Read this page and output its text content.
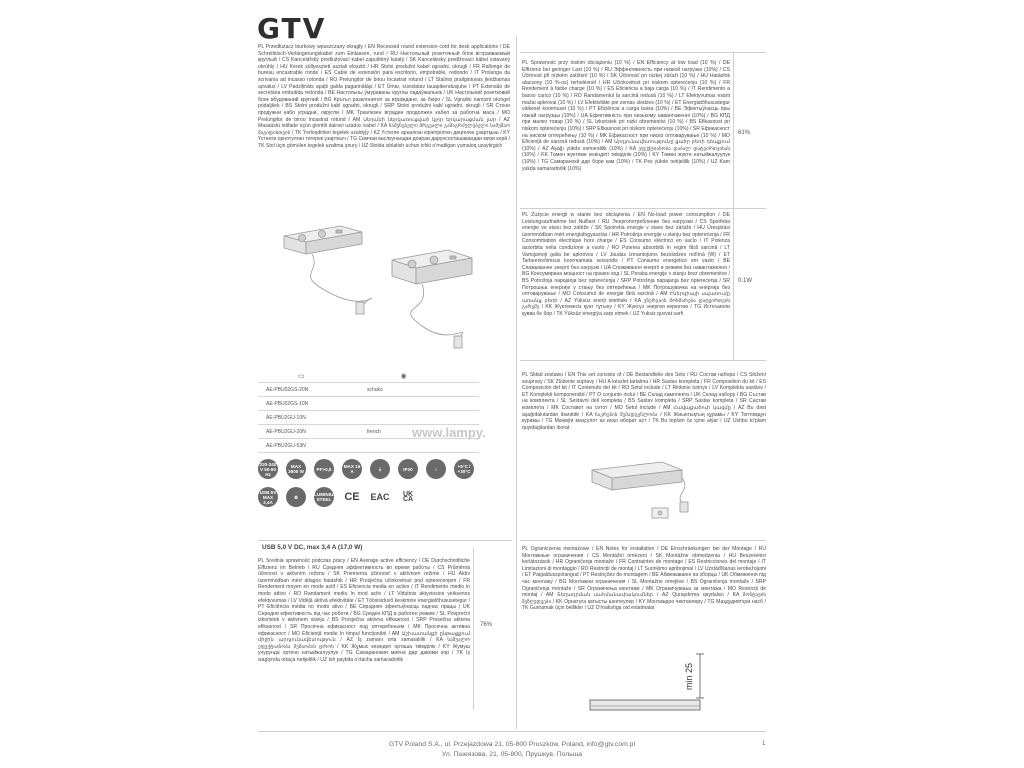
GTV
PL Przedłużacz biurkowy wpuszczany okrągły / EN Recessed round extension cord for desk applications / DE Schreibtisch-Verlängerungskabel zum Einlassen, rund / RU Настольный розеточный блок встраиваемый круглый / CS Kancelářský prodlužovací kabel zapuštěný kulatý / SK Kancelársky predlžovací kábel vstavaný okrúhly / HU Kerek süllyesztett asztali elosztó / HR Stolni produžni kabel ugradni, okrugli / FR Rallonge de bureau encastrable ronde / ES Cable de extensión para escritorio, empotrable, redondo / IT Prolunga da scrivania ad incasso rotonda / RO Prelungitor de birou încastrat rotund / LT Stalinis prailgintuvas įleidžiamas apvalus / LV Padziļināts apaļš galda pagarinātājs / ET Ümar, süvistatav lauapikendusjuhe / PT Extensão de secretária embutida redonda / BE Настольны ўмураваны круглы падаўжальнік / UK Настільний розетковий блок вбудований круглий / BG Кръгъл разклонител за вграждане, за бюро / SL Vgradni namizni okrogel podaljšek / BS Stolni produžni kabl ugradni, okrugli / SRP Stolni produžni kabl ugradni, okrugli / SR Стони продужни кабл уградни, округли / MK Тркалезен вграден продолжен кабел за работна маса / MO Prelungitor de birou încastrat rotund / AM Սեղանի ներկառուցված կլոր երկարացման լար / AZ Masaüstü istifade üçün girintili dairəvi uzadıcı kabel / KA ჩაშენებული მრგვალი გამაგრძელებელი სამუშაო მაგიდისთვის / TK Ýerleşdirilen tegelek uzaldyjy / KZ Үстелге арналған кіріктірілген дөңгелек ұзартқыш / KY Үстөлгө орнотулган тегерек узарткыч / TG Симчаи васлкунандаи доираи дарунсохташавандаи мизи корӣ / TK Stol üçin gömülen tegelek uzaltma şnury / UZ Stolda ishlatish uchun ichki o'rnatilgan yumaloq uzaytirgich
▭	◉
AE-PBU02GS-20N	schuko
AE-PBU02GS-10N
AE-PBU2GU-10N
AE-PBU2GU-20N	french
AE-PBU2GU-53N
220-240 V 50-60 Hz
MAX 3600 W	PF>0,5	MAX 16 A	⏚	IP20	⌂	+5°C / +30°C
USB 5V MAX 3,4A
♻	ALUMINIUM STEEL	CE EAC	UK CA
USB 5,0 V DC, max 3,4 A (17,0 W)
PL Średnia sprawność podczas pracy / EN Average active efficiency / DE Durchschnittliche Effizienz im Betrieb / RU Средняя эффективность во время работы / CS Průměrná účinnost v aktivním režimu / SK Priemerná účinnosť v aktívnom režime / HU Aktív üzemmódban mért átlagos hatásfok / HR Prosječna učinkovitost pod opterećenjem / FR Rendement moyen en mode actif / ES Eficiencia media en activo / IT Rendimento medio in modo attivo / RO Randament mediu în mod activ / LT Vidutinis aktyviosios veiksenos efektyvumas / LV Vidējā aktīvā efektivitāte / ET Töösisiduvõ keskmine energiatõhususetegur / PT Eficiência média no modo ativo / BE Сярэдняя эфектыўнасць падчас працы / UK Середня ефективність під час роботи / BG Среден КПД в работен режим / SL Povprečni izkoristek v aktivnem stanju / BS Prosječna aktivna efikasnost / SRP Prosečna aktivna efikasnost / SR Просечна ефикасност под оптерећењем / MK Просечна активна ефикасност / MO Eficiență medie în timpul funcționării / AM Աշխատանքի ընթացքում միջին արդյունավետություն / AZ İş zamanı orta samaralılik / KA საშუალო ეფექტიანობა მუშაობის დროს / KK Жұмыс кезіндегі орташа тиімділік / KY Жумуш учурунда орточо натыйжалуулук / TG Самаранокии миёна дар давоми кор / TK Iş wagtynda ortaça netijelilik / UZ Ish paytida o'rtacha samaradorlik
76%
PL Sprawność przy niskim obciążeniu (10 %) / EN Efficiency at low load (10 %) / DE Effizienz bei geringer Last (10 %) / RU Эффективность при низкой нагрузке (10%) / CS Účinnost při nízkém zatížení (10 %) / SK Účinnosť pri nízkej záťaži (10 %) / HU Hatásfok alacsony (10 %-os) terhelésnél / HR Učinkovitost pri niskom opterećenju (10 %) / FR Rendement à faible charge (10 %) / ES Eficiencia a baja carga (10 %) / IT Rendimento a basso carico (10 %) / RO Randamentul la sarcină redusă (10 %) / LT Efektyvumas esant mažai apkrovai (10 %) / LV Efektivitāte pie zemas slodzes (10 %) / ET Energiatõhusustegur väikesel koormusel (10 %) / PT Eficiência a carga baixa (10%) / BE Эфектыўнасць пры нізкай нагрузцы (10%) / UA Ефективність при низькому навантаженні (10%) / BG КПД при малко товар (10 %) / SL Izkoristek pri nizki obremenitvi (10 %) / BS Efikasnost pri niskom opterećenju (10%) / SRP Efikasnost pri niskom opterećenju (10%) / SR Ефикасност на ниском оптерећењу (10 %) / MK Ефикасност при ниско оптоварување (10 %) / MO Eficiență de sarcină redusă (10%) / AM Արդյունավետությունը ցածր բեռի դեպքում (10%) / AZ Aşağı yükdə səmərəlilik (10%) / KA ეფექტიანობა დაბალ დატვირთვისას (10%) / KK Төмен жүктеме кезіндегі тиімділік (10%) / KY Төмөн жүктө натыйжалуулук (10%) / TG Самаранокӣ дар бори кам (10%) / TK Pes ýükde netijelilik (10%) / UZ Kam yukda samaradorlik (10%)
61%
PL Zużycie energii w stanie bez obciążenia / EN No-load power consumption / DE Leistungsaufnahme bei Nulllast / RU Энергопотребление без нагрузки / CS Spotřeba energie ve stavu bez zátěže / SK Spotreba energie v stave bez záťaže / HU Üresjárási üzemmódban mért energiafogyasztás / HR Potrošnja energije u stanju bez opterećenja / FR Consommation électrique hors charge / ES Consumo eléctrico en vacío / IT Potenza assorbita nella condizione a vuoto / RO Puterea absorbită în regim fără sarcină / LT Vartojamoji galia be apkrovos / LV Jaudas izmantojums bezslodzes režīmā (W) / ET Tarbeenivõimsus koormamata seisundis / PT Consumo energético em vazio / BE Спажыванне энергіі без нагрузкі / UA Споживання енергії в режимі без навантаження / BG Консумирана мощност на празен ход / SL Poraba energije v stanju brez obremenitve / BS Potrošnja napajanja bez opterećenja / SRP Potrošnja napajanja bez opterećenja / SR Потрошња енергије у стању без оптерећења / MK Потрошувачка на енергија без оптоварување / MO Consumul de energie fără sarcină / AM Էներգիայի սպառումը առանց բեռի / AZ Yüksüz enerji istehlakı / KA ენერგიის მოხმარება დატვირთვის გარეშე / KK Жүктемесіз қуат тұтыну / KY Жүксүз энергия керектөө / TG Истеъмоли қувва бе бор / TK Ýüksüz energiýa sarp etmek / UZ Yuksiz quvvat sarfi
0.1W
PL Skład zestawu / EN This set consists of / DE Bestandteile des Sets / RU Состав набора / CS Složení soupravy / SK Zloženie súpravy / HU A készlet tartalma / HR Sastav kompleta / FR Composition du kit / ES Composición del kit / IT Contenuto del kit / RO Setul include / LT Rinkinio turinys / LV Komplekta sastāvs / ET Komplekti komponendid / PT O conjunto inclui / BE Склад камплекта / UK Склад набору / BG Състав на комплекта / SL Sestavni deli kompleta / BS Sastav kompleta / SRP Sastav kompleta / SR Састав комплета / MK Составот на сетот / MO Setul include / AM Հավաքածուի կազմը / AZ Bu dəst aşağıdakılardan ibarətdir / KA ნაკრების შემადგენლობა / KK Жиынтықтың құрамы / KY Топтомдун курамы / TG Маҷмӯи маҳсулот аз инҳо иборат аст / TK Bu toplum öz içine alýar / UZ Ushbu to'plam quyidagilardan iborat
PL Ograniczenia montażowe / EN Notes for installation / DE Einschränkungen bei der Montage / RU Монтажные ограничения / CS Montážní omezení / SK Montážne obmedzenia / HU Beszerelési korlátozások / HR Ograničenja montaže / FR Contraintes de montage / ES Restricciones del montaje / IT Limitazioni di montaggio / RO Restricții de montaj / LT Surinkimo apribojimai / LV Uzstādīšanas ierobežojumi / ET Paigaldusspiirangud / PT Restrições de montagem / BE Абмежаванні па зборцы / UK Обмеження під час монтажу / BG Монтажни ограничения / SL Montažne omejitve / BS Ograničenja montaže / SRP Ograničenja montaže / SR Ограничења монтаже / MK Ограничувања за монтажа / MO Restricții de montaj / AM Տեղադրման սահմանափակումներ / AZ Quraşdırma qaydaları / KA მონტაჟის შეზღუდვები / KK Орнатуға қатысты шектеулер / KY Монтаждоо чектөөлөрү / TG Маҳдудиятҳои насб / TK Gurnamak üçin bellikler / UZ O'rnatishga oid eslatmalar
min 25
www.lampy.
GTV Poland S.A., ul. Przejazdowa 21, 05-800 Pruszków, Poland, info@gtv.com.pl
Ул. Пшеязова, 21, 05-800, Прушкув, Польша
1
